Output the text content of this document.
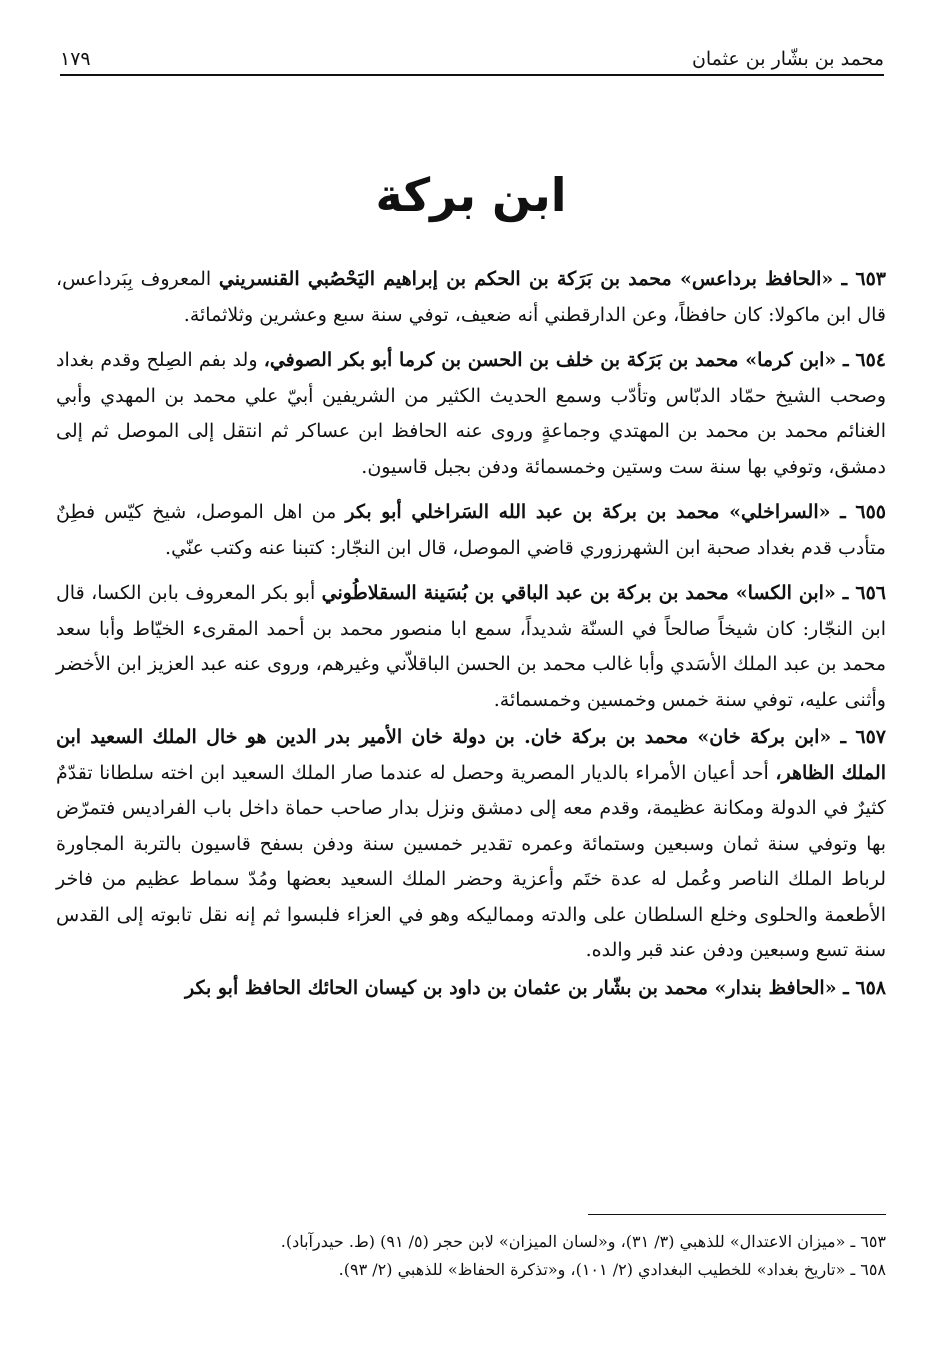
محمد بن بشّار بن عثمان
١٧٩
ابن بركة

٦٥٣ ـ «الحافظ برداعس» محمد بن بَرَكة بن الحكم بن إبراهيم اليَحْصُبي القنسريني المعروف بِبَرداعس، قال ابن ماكولا: كان حافظاً، وعن الدارقطني أنه ضعيف، توفي سنة سبع وعشرين وثلاثمائة.

٦٥٤ ـ «ابن كرما» محمد بن بَرَكة بن خلف بن الحسن بن كرما أبو بكر الصوفي، ولد بفم الصِلح وقدم بغداد وصحب الشيخ حمّاد الدبّاس وتأدّب وسمع الحديث الكثير من الشريفين أبيّ علي محمد بن المهدي وأبي الغنائم محمد بن محمد بن المهتدي وجماعةٍ وروى عنه الحافظ ابن عساكر ثم انتقل إلى الموصل ثم إلى دمشق، وتوفي بها سنة ست وستين وخمسمائة ودفن بجبل قاسيون.

٦٥٥ ـ «السراخلي» محمد بن بركة بن عبد الله السَراخلي أبو بكر من اهل الموصل، شيخ كيّس فطِنٌ متأدب قدم بغداد صحبة ابن الشهرزوري قاضي الموصل، قال ابن النجّار: كتبنا عنه وكتب عنّي.

٦٥٦ ـ «ابن الكسا» محمد بن بركة بن عبد الباقي بن بُسَينة السقلاطُوني أبو بكر المعروف بابن الكسا، قال ابن النجّار: كان شيخاً صالحاً في السنّة شديداً، سمع ابا منصور محمد بن أحمد المقرىء الخيّاط وأبا سعد محمد بن عبد الملك الأسَدي وأبا غالب محمد بن الحسن الباقلاّني وغيرهم، وروى عنه عبد العزيز ابن الأخضر وأثنى عليه، توفي سنة خمس وخمسين وخمسمائة.

٦٥٧ ـ «ابن بركة خان» محمد بن بركة خان. بن دولة خان الأمير بدر الدين هو خال الملك السعيد ابن الملك الظاهر، أحد أعيان الأمراء بالديار المصرية وحصل له عندما صار الملك السعيد ابن اخته سلطانا تقدّمٌ كثيرٌ في الدولة ومكانة عظيمة، وقدم معه إلى دمشق ونزل بدار صاحب حماة داخل باب الفراديس فتمرّض بها وتوفي سنة ثمان وسبعين وستمائة وعمره تقدير خمسين سنة ودفن بسفح قاسيون بالتربة المجاورة لرباط الملك الناصر وعُمل له عدة ختَم وأعزية وحضر الملك السعيد بعضها ومُدّ سماط عظيم من فاخر الأطعمة والحلوى وخلع السلطان على والدته ومماليكه وهو في العزاء فلبسوا ثم إنه نقل تابوته إلى القدس سنة تسع وسبعين ودفن عند قبر والده.

٦٥٨ ـ «الحافظ بندار» محمد بن بشّار بن عثمان بن داود بن كيسان الحائك الحافظ أبو بكر

٦٥٣ ـ «ميزان الاعتدال» للذهبي (٣/ ٣١)، و«لسان الميزان» لابن حجر (٥/ ٩١) (ط. حيدرآباد).

٦٥٨ ـ «تاريخ بغداد» للخطيب البغدادي (٢/ ١٠١)، و«تذكرة الحفاظ» للذهبي (٢/ ٩٣).
